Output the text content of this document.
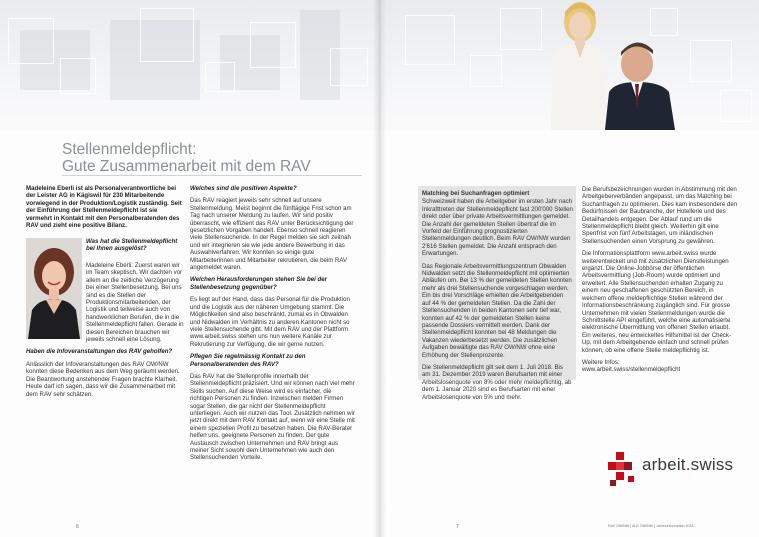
Stellenmeldepflicht:
Gute Zusammenarbeit mit dem RAV

Madeleine Eberli ist als Personalverantwortliche bei der Leister AG in Kägiswil für 230 Mitarbeitende vorwiegend in der Produktion/Logistik zuständig. Seit der Einführung der Stellenmeldepflicht ist sie vermehrt in Kontakt mit den Personalberatenden des RAV und zieht eine positive Bilanz.

Was hat die Stellenmeldepflicht bei Ihnen ausgelöst?

Madeleine Eberli: Zuerst waren wir im Team skeptisch. Wir dachten vor allem an die zeitliche Verzögerung bei einer Stellenbesetzung. Bei uns sind es die Stellen der Produktionsmitarbeitenden, der Logistik und teilweise auch von handwerklichen Berufen, die in die Stellenmeldepflicht fallen. Gerade in diesen Bereichen brauchen wir jeweils schnell eine Lösung.

Haben die Infoveranstaltungen des RAV geholfen?

Anlässlich der Infoveranstaltungen des RAV OW/NW konnten diese Bedenken aus dem Weg geräumt werden. Die Beantwortung anstehender Fragen brachte Klarheit. Heute darf ich sagen, dass wir die Zusammenarbeit mit dem RAV sehr schätzen.

Welches sind die positiven Aspekte?

Das RAV reagiert jeweils sehr schnell auf unsere Stellenmeldung. Meist beginnt die fünftägige Frist schon am Tag nach unserer Meldung zu laufen. Wir sind positiv überrascht, wie effizient das RAV unter Berücksichtigung der gesetzlichen Vorgaben handelt. Ebenso schnell reagieren viele Stellensuchende. In der Regel melden sie sich zeitnah und wir integrieren sie wie jede andere Bewerbung in das Auswahlverfahren. Wir konnten so einige gute Mitarbeiterinnen und Mitarbeiter rekrutieren, die beim RAV angemeldet waren.

Welchen Herausforderungen stehen Sie bei der Stellenbesetzung gegenüber?

Es liegt auf der Hand, dass das Personal für die Produktion und die Logistik aus der näheren Umgebung stammt. Die Möglichkeiten sind also beschränkt, zumal es in Obwalden und Nidwalden im Verhältnis zu anderen Kantonen nicht so viele Stellensuchende gibt. Mit dem RAV und der Plattform www.arbeit.swiss stehen uns nun weitere Kanäle zur Rekrutierung zur Verfügung, die wir gerne nutzen.

Pflegen Sie regelmässig Kontakt zu den Personalberatenden des RAV?

Das RAV hat die Stellenprofile innerhalb der Stellenmeldepflicht präzisiert. Und wir können nach viel mehr Skills suchen. Auf diese Weise wird es einfacher, die richtigen Personen zu finden. Inzwischen melden Firmen sogar Stellen, die gar nicht der Stellenmeldepflicht unterliegen. Auch wir nutzen das Tool. Zusätzlich nehmen wir jetzt direkt mit dem RAV Kontakt auf, wenn wir eine Stelle mit einem speziellen Profil zu besetzen haben. Die RAV-Berater helfen uns, geeignete Personen zu finden. Der gute Austausch zwischen Unternehmen und RAV bringt aus meiner Sicht sowohl dem Unternehmen wie auch den Stellensuchenden Vorteile.

Matching bei Suchanfragen optimiert

Schweizweit haben die Arbeitgeber im ersten Jahr nach Inkrafttreten der Stellenmeldepflicht fast 200'000 Stellen direkt oder über private Arbeitsvermittlungen gemeldet. Die Anzahl der gemeldeten Stellen übertraf die im Vorfeld der Einführung prognostizierten Stellenmeldungen deutlich. Beim RAV OW/NW wurden 2'616 Stellen gemeldet. Die Anzahl entsprach den Erwartungen.

Das Regionale Arbeitsvermittlungszentrum Obwalden Nidwalden setzt die Stellenmeldepflicht mit optimierten Abläufen um. Bei 13 % der gemeldeten Stellen konnten mehr als drei Stellensuchende vorgeschlagen werden. Ein bis drei Vorschläge erhielten die Arbeitgebenden auf 44 % der gemeldeten Stellen. Da die Zahl der Stellensuchenden in beiden Kantonen sehr tief war, konnten auf 42 % der gemeldeten Stellen keine passende Dossiers vermittelt werden. Dank der Stellenmeldepflicht konnten bei 48 Meldungen die Vakanzen wiederbesetzt werden. Die zusätzlichen Aufgaben bewältigte das RAV OW/NW ohne eine Erhöhung der Stellenprozente.

Die Stellenmeldepflicht gilt seit dem 1. Juli 2018. Bis am 31. Dezember 2019 waren Berufsarten mit einer Arbeitslosenquote von 8% oder mehr meldepflichtig, ab dem 1. Januar 2020 sind es Berufsarten mit einer Arbeitslosenquote von 5% und mehr.

Die Berufsbezeichnungen wurden in Abstimmung mit den Arbeitgeberverbänden angepasst, um das Matching bei Suchanfragen zu optimieren. Dies kam insbesondere den Bedürfnissen der Baubranche, der Hotellerie und des Detailhandels entgegen. Der Ablauf rund um die Stellenmeldepflicht bleibt gleich. Weiterhin gilt eine Sperrfrist von fünf Arbeitstagen, um inländischen Stellensuchenden einen Vorsprung zu gewähren.

Die Informationsplattform www.arbeit.swiss wurde weiterentwickelt und mit zusätzlichen Dienstleistungen ergänzt. Die Online-Jobbörse der öffentlichen Arbeitsvermittlung (Job-Room) wurde optimiert und erweitert. Alle Stellensuchenden erhalten Zugang zu einem neu geschaffenen geschützten Bereich, in welchem offene meldepflichtige Stellen während der Informationsbeschränkung zugänglich sind. Für grosse Unternehmen mit vielen Stellenmeldungen wurde die Schnittstelle API eingeführt, welche eine automatisierte elektronische Übermittlung von offenen Stellen erlaubt. Ein weiteres, neu entwickeltes Hilfsmittel ist der Check-Up, mit dem Arbeitgebende einfach und schnell prüfen können, ob eine offene Stelle meldepflichtig ist.

Weitere Infos:

www.arbeit.swiss/stellenmeldepflicht

arbeit.swiss
6	7	RAV OW/NW | ALK OW/NW | Jahresinformation 2018
